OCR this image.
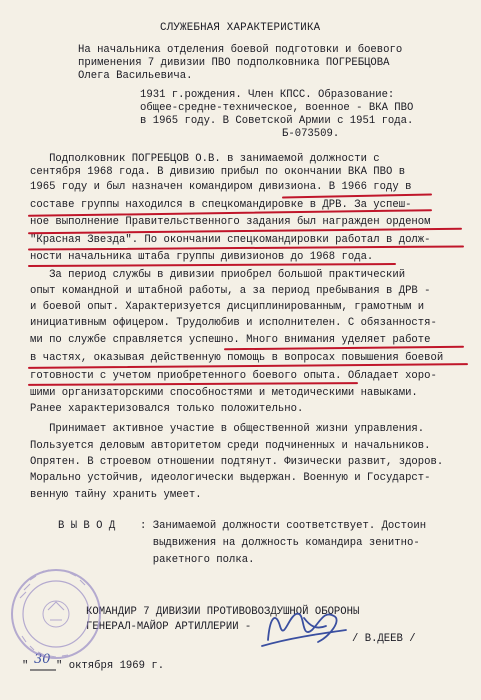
СЛУЖЕБНАЯ ХАРАКТЕРИСТИКА
На начальника отделения боевой подготовки и боевого
применения 7 дивизии ПВО подполковника ПОГРЕБЦОВА
Олега Васильевича.
1931 г.рождения. Член КПСС. Образование:
общее-средне-техническое, военное - ВКА ПВО
в 1965 году. В Советской Армии с 1951 года.
Б-073509.
Подполковник ПОГРЕБЦОВ О.В. в занимаемой должности с
сентября 1968 года. В дивизию прибыл по окончании ВКА ПВО в
1965 году и был назначен командиром дивизиона. В 1966 году в
составе группы находился в спецкомандировке в ДРВ. За успеш-
ное выполнение Правительственного задания был награжден орденом
"Красная Звезда". По окончании спецкомандировки работал в долж-
ности начальника штаба группы дивизионов до 1968 года.
За период службы в дивизии приобрел большой практический
опыт командной и штабной работы, а за период пребывания в ДРВ -
и боевой опыт. Характеризуется дисциплинированным, грамотным и
инициативным офицером. Трудолюбив и исполнителен. С обязанностя-
ми по службе справляется успешно. Много внимания уделяет работе
в частях, оказывая действенную помощь в вопросах повышения боевой
готовности с учетом приобретенного боевого опыта. Обладает хоро-
шими организаторскими способностями и методическими навыками.
Ранее характеризовался только положительно.
Принимает активное участие в общественной жизни управления.
Пользуется деловым авторитетом среди подчиненных и начальников.
Опрятен. В строевом отношении подтянут. Физически развит, здоров.
Морально устойчив, идеологически выдержан. Военную и Государст-
венную тайну хранить умеет.
В Ы В О Д : Занимаемой должности соответствует. Достоин
выдвижения на должность командира зенитно-
ракетного полка.
КОМАНДИР 7 ДИВИЗИИ ПРОТИВОВОЗДУШНОЙ ОБОРОНЫ
ГЕНЕРАЛ-МАЙОР АРТИЛЛЕРИИ -
/ В.ДЕЕВ /
" 30 " октября 1969 г.
